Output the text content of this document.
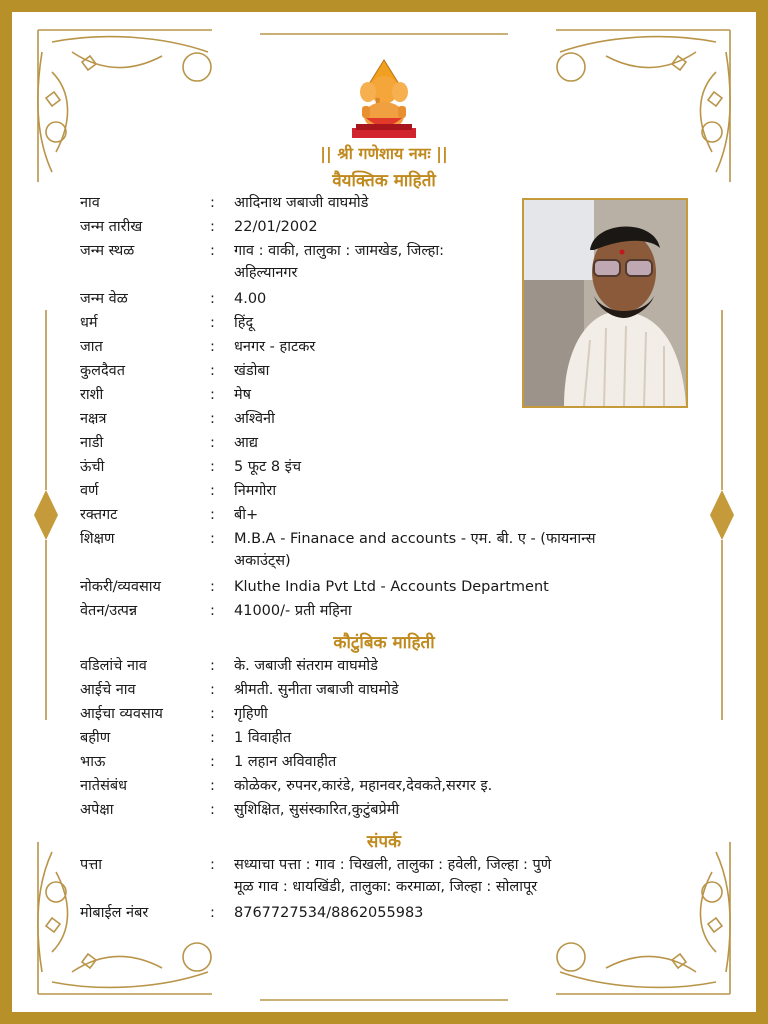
|| श्री गणेशाय नमः ||
वैयक्तिक माहिती
नाव	: आदिनाथ जबाजी वाघमोडे
जन्म तारीख	: 22/01/2002
जन्म स्थळ	: गाव : वाकी, तालुका : जामखेड, जिल्हा:
अहिल्यानगर
जन्म वेळ	: 4.00
धर्म	: हिंदू
जात	: धनगर - हाटकर
कुलदैवत	: खंडोबा
राशी	: मेष
नक्षत्र	: अश्विनी
नाडी	: आद्य
ऊंची	: 5 फूट 8 इंच
वर्ण	: निमगोरा
रक्तगट	: बी+
शिक्षण	: M.B.A - Finanace and accounts - एम. बी. ए - (फायनान्स
अकाउंट्स)
नोकरी/व्यवसाय	: Kluthe India Pvt Ltd - Accounts Department
वेतन/उत्पन्न	: 41000/- प्रती महिना
कौटुंबिक माहिती
वडिलांचे नाव	: के. जबाजी संतराम वाघमोडे
आईचे नाव	: श्रीमती. सुनीता जबाजी वाघमोडे
आईचा व्यवसाय	: गृहिणी
बहीण	: 1 विवाहीत
भाऊ	: 1 लहान अविवाहीत
नातेसंबंध	: कोळेकर, रुपनर,कारंडे, महानवर,देवकते,सरगर इ.
अपेक्षा	: सुशिक्षित, सुसंस्कारित,कुटुंबप्रेमी
संपर्क
पत्ता	: सध्याचा पत्ता : गाव : चिखली, तालुका : हवेली, जिल्हा : पुणे
मूळ गाव : धायखिंडी, तालुका: करमाळा, जिल्हा : सोलापूर
मोबाईल नंबर	: 8767727534/8862055983
